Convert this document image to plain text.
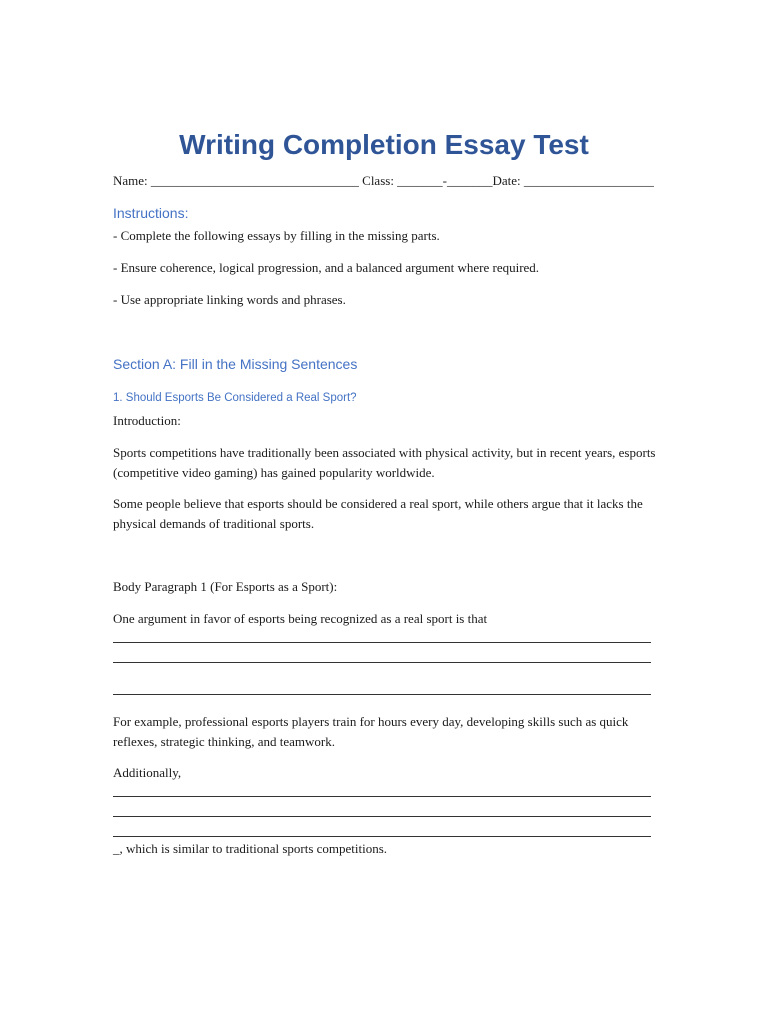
Writing Completion Essay Test
Name: ________________________________ Class: _______-_______Date: ____________________
Instructions:
- Complete the following essays by filling in the missing parts.
- Ensure coherence, logical progression, and a balanced argument where required.
- Use appropriate linking words and phrases.
Section A: Fill in the Missing Sentences
1. Should Esports Be Considered a Real Sport?
Introduction:

Sports competitions have traditionally been associated with physical activity, but in recent years, esports (competitive video gaming) has gained popularity worldwide.

Some people believe that esports should be considered a real sport, while others argue that it lacks the physical demands of traditional sports.

Body Paragraph 1 (For Esports as a Sport):
One argument in favor of esports being recognized as a real sport is that

For example, professional esports players train for hours every day, developing skills such as quick reflexes, strategic thinking, and teamwork.

Additionally,
_, which is similar to traditional sports competitions.
